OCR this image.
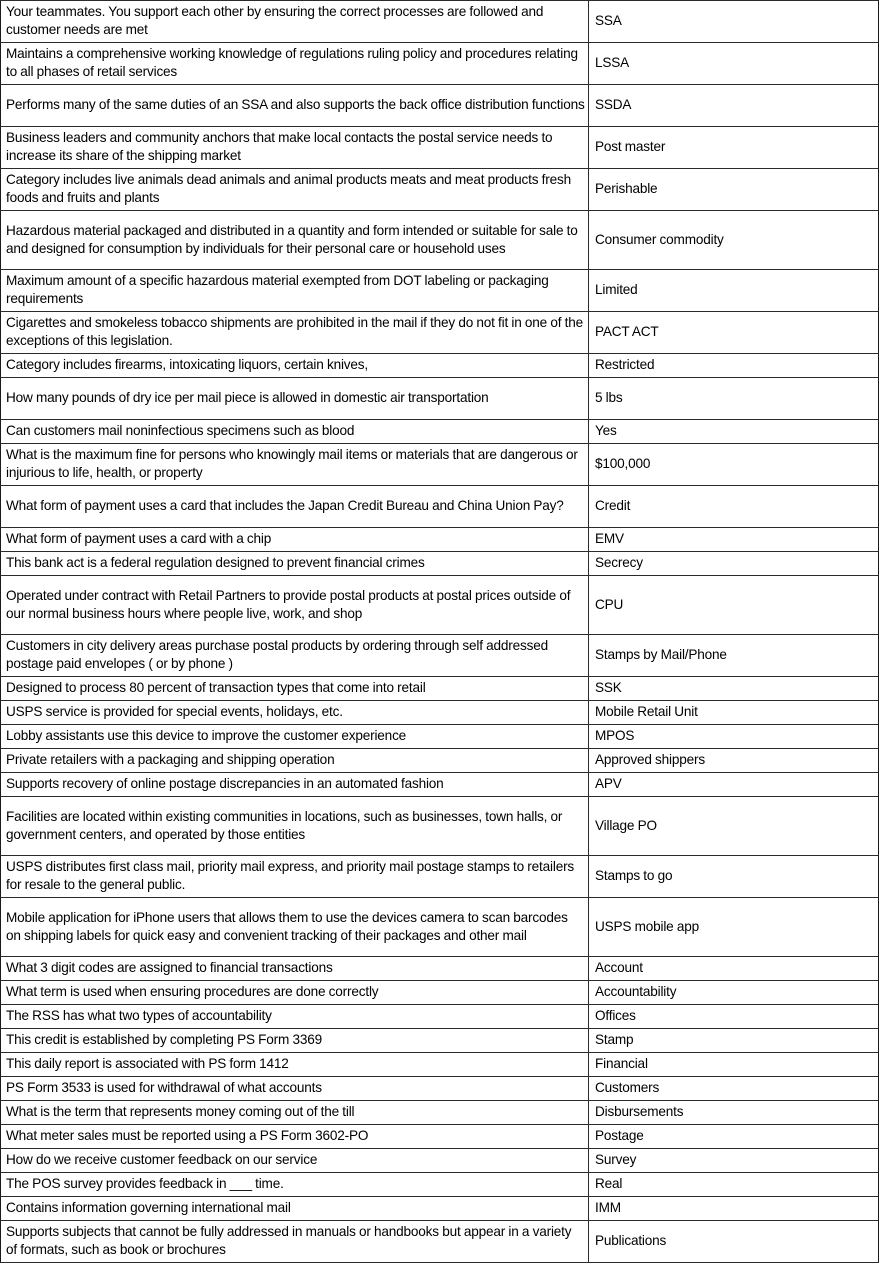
Your teammates. You support each other by ensuring the correct processes are followed and customer needs are met	SSA

Maintains a comprehensive working knowledge of regulations ruling policy and procedures relating to all phases of retail services	LSSA

Performs many of the same duties of an SSA and also supports the back office distribution functions	SSDA

Business leaders and community anchors that make local contacts the postal service needs to increase its share of the shipping market	Post master

Category includes live animals dead animals and animal products meats and meat products fresh foods and fruits and plants	Perishable

Hazardous material packaged and distributed in a quantity and form intended or suitable for sale to and designed for consumption by individuals for their personal care or household uses	Consumer commodity

Maximum amount of a specific hazardous material exempted from DOT labeling or packaging requirements	Limited

Cigarettes and smokeless tobacco shipments are prohibited in the mail if they do not fit in one of the exceptions of this legislation.	PACT ACT

Category includes firearms, intoxicating liquors, certain knives,	Restricted

How many pounds of dry ice per mail piece is allowed in domestic air transportation	5 lbs

Can customers mail noninfectious specimens such as blood	Yes

What is the maximum fine for persons who knowingly mail items or materials that are dangerous or injurious to life, health, or property	$100,000

What form of payment uses a card that includes the Japan Credit Bureau and China Union Pay?	Credit

What form of payment uses a card with a chip	EMV

This bank act is a federal regulation designed to prevent financial crimes	Secrecy

Operated under contract with Retail Partners to provide postal products at postal prices outside of our normal business hours where people live, work, and shop	CPU

Customers in city delivery areas purchase postal products by ordering through self addressed postage paid envelopes ( or by phone )	Stamps by Mail/Phone

Designed to process 80 percent of transaction types that come into retail	SSK

USPS service is provided for special events, holidays, etc.	Mobile Retail Unit

Lobby assistants use this device to improve the customer experience	MPOS

Private retailers with a packaging and shipping operation	Approved shippers

Supports recovery of online postage discrepancies in an automated fashion	APV

Facilities are located within existing communities in locations, such as businesses, town halls, or government centers, and operated by those entities	Village PO

USPS distributes first class mail, priority mail express, and priority mail postage stamps to retailers for resale to the general public.	Stamps to go

Mobile application for iPhone users that allows them to use the devices camera to scan barcodes on shipping labels for quick easy and convenient tracking of their packages and other mail	USPS mobile app

What 3 digit codes are assigned to financial transactions	Account

What term is used when ensuring procedures are done correctly	Accountability

The RSS has what two types of accountability	Offices

This credit is established by completing PS Form 3369	Stamp

This daily report is associated with PS form 1412	Financial

PS Form 3533 is used for withdrawal of what accounts	Customers

What is the term that represents money coming out of the till	Disbursements

What meter sales must be reported using a PS Form 3602-PO	Postage

How do we receive customer feedback on our service	Survey

The POS survey provides feedback in ___ time.	Real

Contains information governing international mail	IMM

Supports subjects that cannot be fully addressed in manuals or handbooks but appear in a variety of formats, such as book or brochures	Publications
